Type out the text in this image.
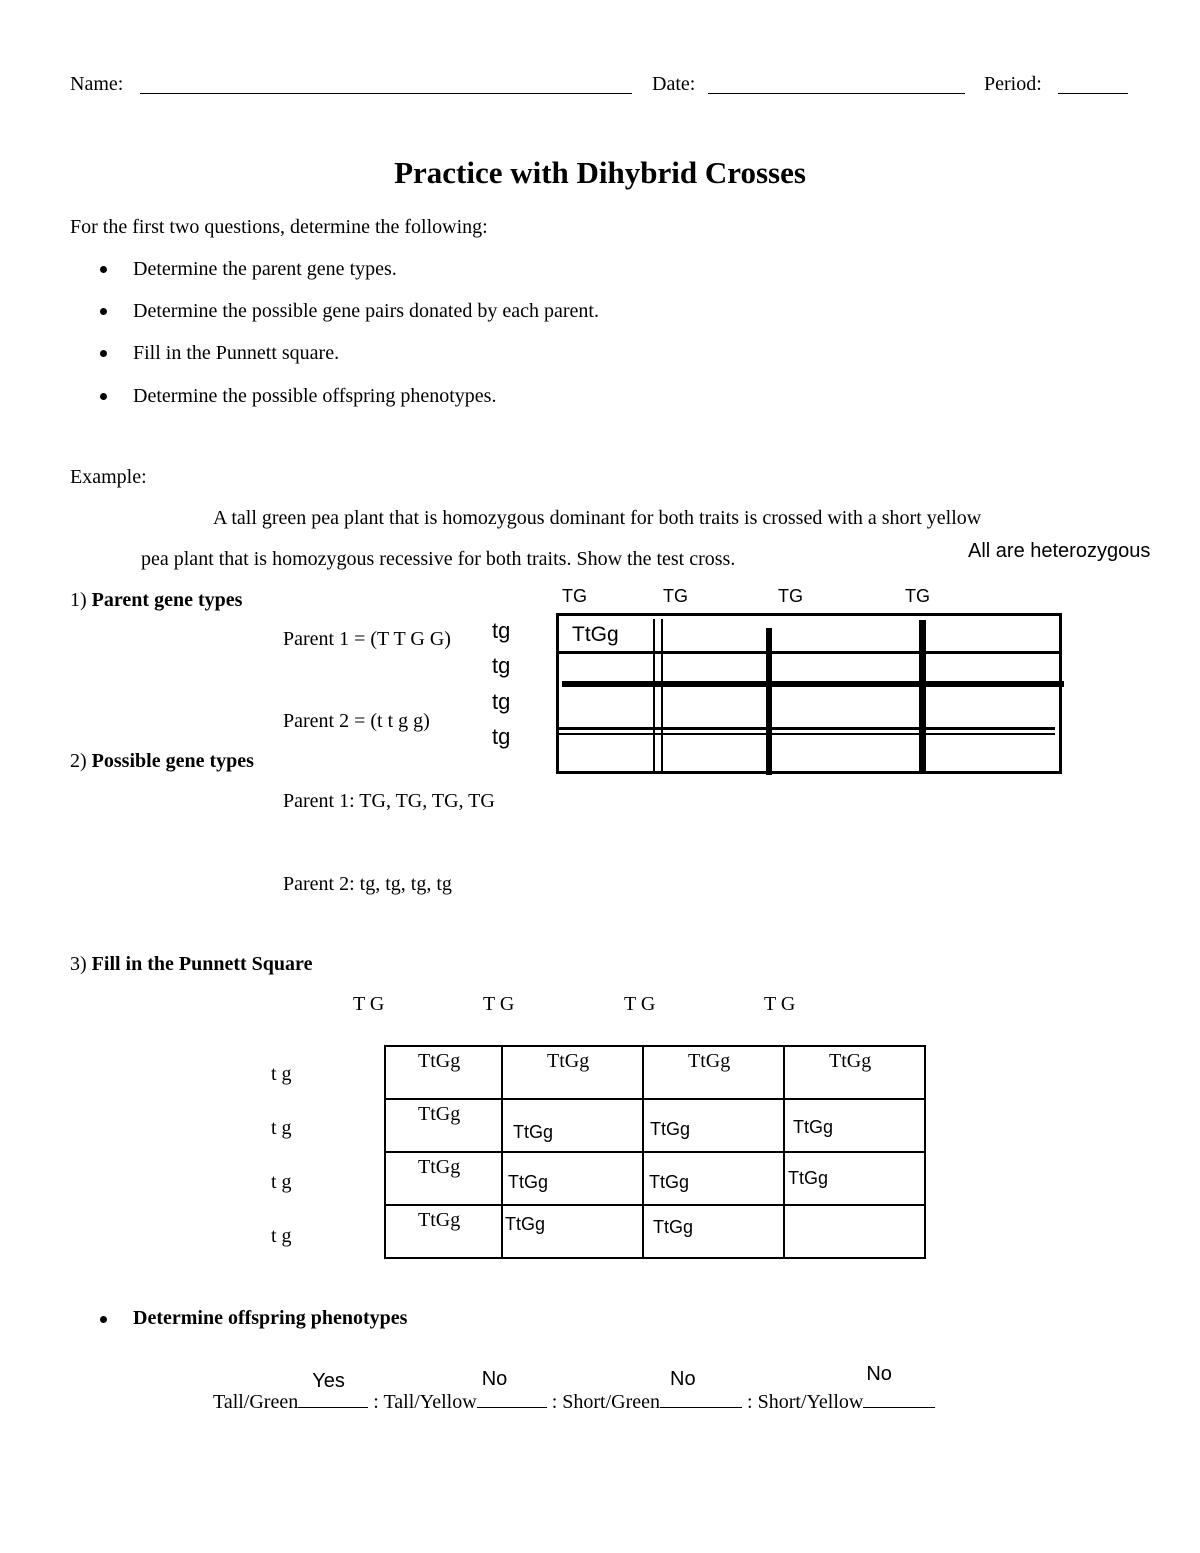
Name:	Date:	Period:
Practice with Dihybrid Crosses
For the first two questions, determine the following:
Determine the parent gene types.
Determine the possible gene pairs donated by each parent.
Fill in the Punnett square.
Determine the possible offspring phenotypes.
Example:
A tall green pea plant that is homozygous dominant for both traits is crossed with a short yellow
pea plant that is homozygous recessive for both traits. Show the test cross.	All are heterozygous
1) Parent gene types
Parent 1 = (T T G G)
Parent 2 = (t t g g)
TG	TG	TG	TG
tg
tg
tg
tg
TtGg
2) Possible gene types
Parent 1: TG, TG, TG, TG
Parent 2: tg, tg, tg, tg
3) Fill in the Punnett Square
T G	T G	T G	T G
t g
t g
t g
t g
TtGg	TtGg	TtGg	TtGg

TtGg	TtGg	TtGg	TtGg

TtGg	TtGg	TtGg	TtGg

TtGg	TtGg	TtGg	

Determine offspring phenotypes
Tall/Green
Yes
: Tall/Yellow
No
: Short/Green
No
: Short/Yellow
No
